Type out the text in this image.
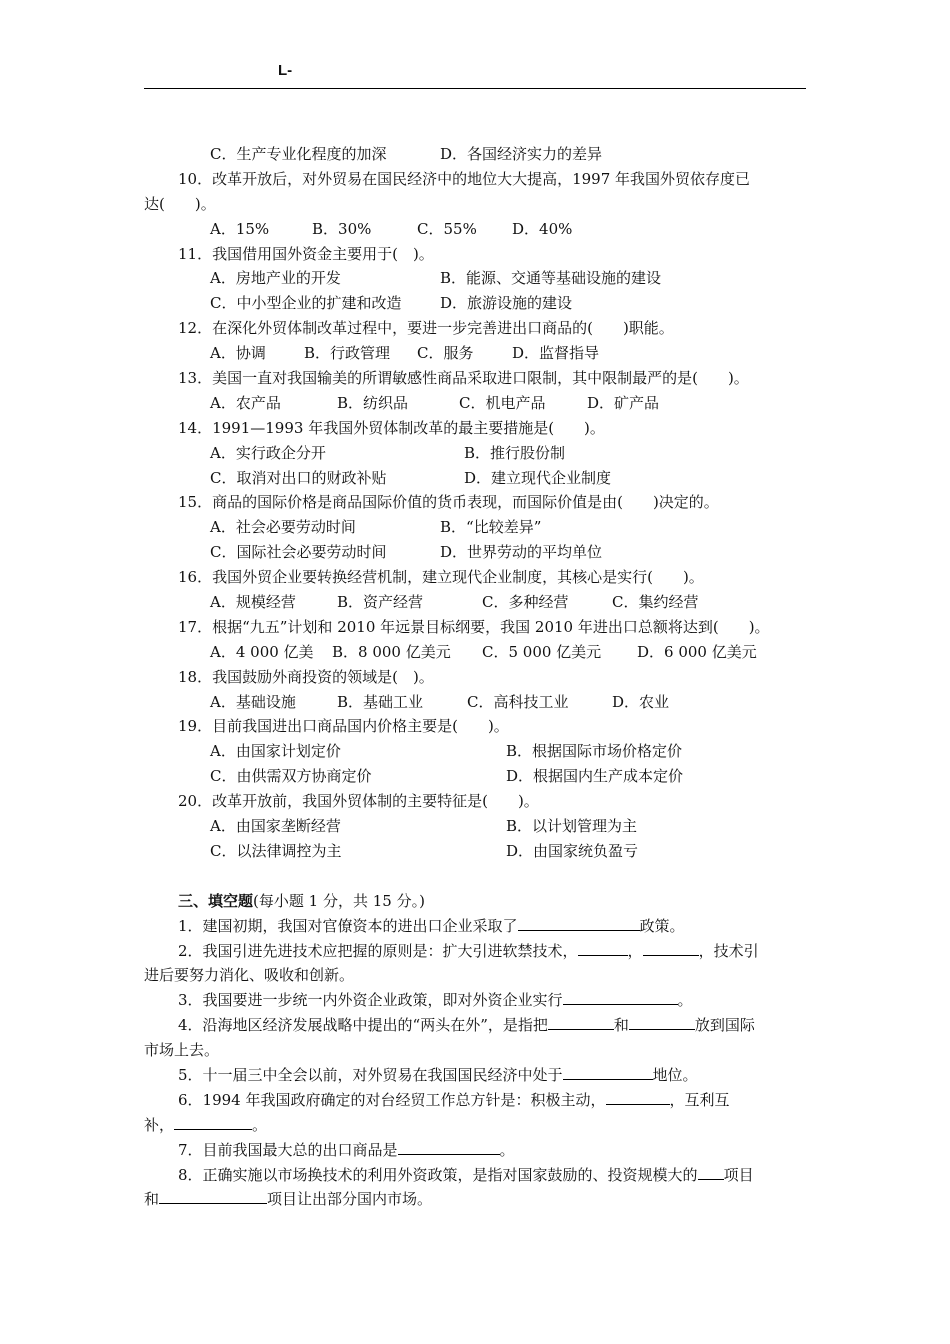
L-
C．生产专业化程度的加深	D．各国经济实力的差异
10．改革开放后，对外贸易在国民经济中的地位大大提高，1997 年我国外贸依存度已
达(　　)。
A．15%	B．30%	C．55% D．40%
11．我国借用国外资金主要用于(　)。
A．房地产业的开发	B．能源、交通等基础设施的建设
C．中小型企业的扩建和改造	D．旅游设施的建设
12．在深化外贸体制改革过程中，要进一步完善进出口商品的(　　)职能。
A．协调	B．行政管理 C．服务	D．监督指导
13．美国一直对我国输美的所谓敏感性商品采取进口限制，其中限制最严的是(　　)。
A．农产品	B．纺织品	C．机电产品	D．矿产品
14．1991—1993 年我国外贸体制改革的最主要措施是(　　)。
A．实行政企分开	B．推行股份制
C．取消对出口的财政补贴	D．建立现代企业制度
15．商品的国际价格是商品国际价值的货币表现，而国际价值是由(　　)决定的。
A．社会必要劳动时间	B．“比较差异”
C．国际社会必要劳动时间	D．世界劳动的平均单位
16．我国外贸企业要转换经营机制，建立现代企业制度，其核心是实行(　　)。
A．规模经营	B．资产经营	C．多种经营	C．集约经营
17．根据“九五”计划和 2010 年远景目标纲要，我国 2010 年进出口总额将达到(　　)。
A．4 000 亿美 B．8 000 亿美元 C．5 000 亿美元 D．6 000 亿美元
18．我国鼓励外商投资的领域是(　)。
A．基础设施	B．基础工业	C．高科技工业	D．农业
19．目前我国进出口商品国内价格主要是(　　)。
A．由国家计划定价	B．根据国际市场价格定价
C．由供需双方协商定价	D．根据国内生产成本定价
20．改革开放前，我国外贸体制的主要特征是(　　)。
A．由国家垄断经营	B．以计划管理为主
C．以法律调控为主	D．由国家统负盈亏
三、填空题(每小题 1 分，共 15 分。)
1．建国初期，我国对官僚资本的进出口企业采取了	政策。
2．我国引进先进技术应把握的原则是：扩大引进软禁技术，	，	，技术引
进后要努力消化、吸收和创新。
3．我国要进一步统一内外资企业政策，即对外资企业实行	。
4．沿海地区经济发展战略中提出的“两头在外”，是指把	和	放到国际
市场上去。
5．十一届三中全会以前，对外贸易在我国国民经济中处于	地位。
6．1994 年我国政府确定的对台经贸工作总方针是：积极主动，	，互利互
补，	。
7．目前我国最大总的出口商品是	。
8．正确实施以市场换技术的利用外资政策，是指对国家鼓励的、投资规模大的 项目
和	项目让出部分国内市场。
